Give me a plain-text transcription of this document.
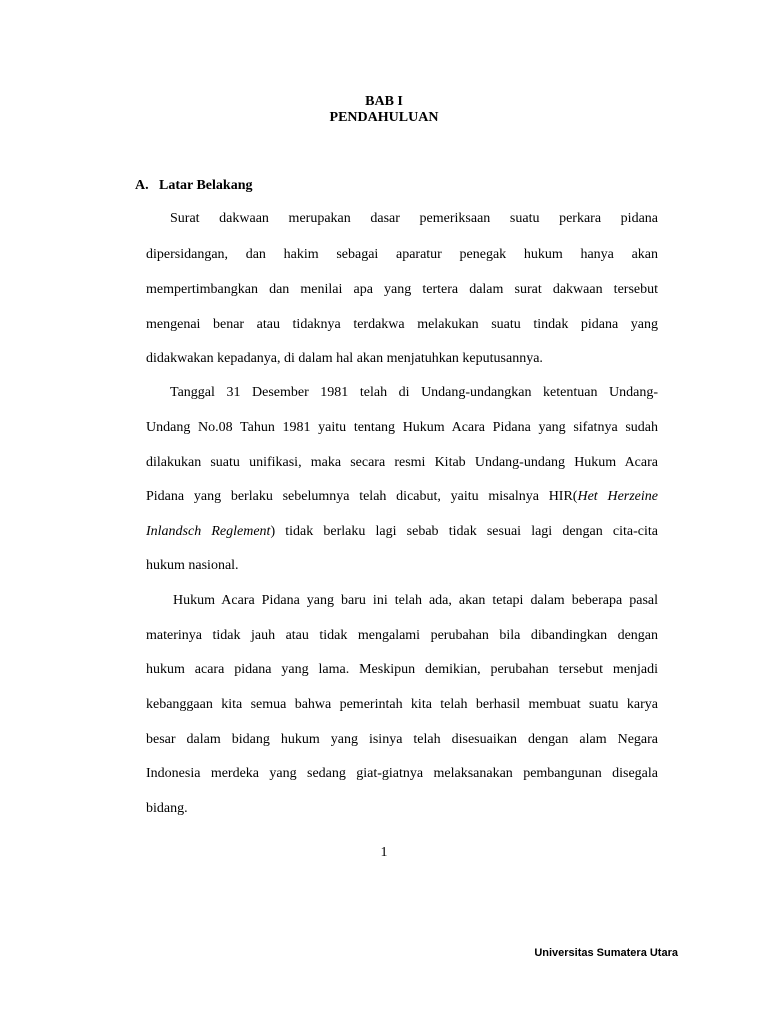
BAB I
PENDAHULUAN
A. Latar Belakang
Surat dakwaan merupakan dasar pemeriksaan suatu perkara pidana
dipersidangan, dan hakim sebagai aparatur penegak hukum hanya akan
mempertimbangkan dan menilai apa yang tertera dalam surat dakwaan tersebut
mengenai benar atau tidaknya terdakwa melakukan suatu tindak pidana yang
didakwakan kepadanya, di dalam hal akan menjatuhkan keputusannya.
Tanggal 31 Desember 1981 telah di Undang-undangkan ketentuan Undang-
Undang No.08 Tahun 1981 yaitu tentang Hukum Acara Pidana yang sifatnya sudah
dilakukan suatu unifikasi, maka secara resmi Kitab Undang-undang Hukum Acara
Pidana yang berlaku sebelumnya telah dicabut, yaitu misalnya HIR(Het Herzeine
Inlandsch Reglement) tidak berlaku lagi sebab tidak sesuai lagi dengan cita-cita
hukum nasional.
Hukum Acara Pidana yang baru ini telah ada, akan tetapi dalam beberapa pasal
materinya tidak jauh atau tidak mengalami perubahan bila dibandingkan dengan
hukum acara pidana yang lama. Meskipun demikian, perubahan tersebut menjadi
kebanggaan kita semua bahwa pemerintah kita telah berhasil membuat suatu karya
besar dalam bidang hukum yang isinya telah disesuaikan dengan alam Negara
Indonesia merdeka yang sedang giat-giatnya melaksanakan pembangunan disegala
bidang.
1
Universitas Sumatera Utara
